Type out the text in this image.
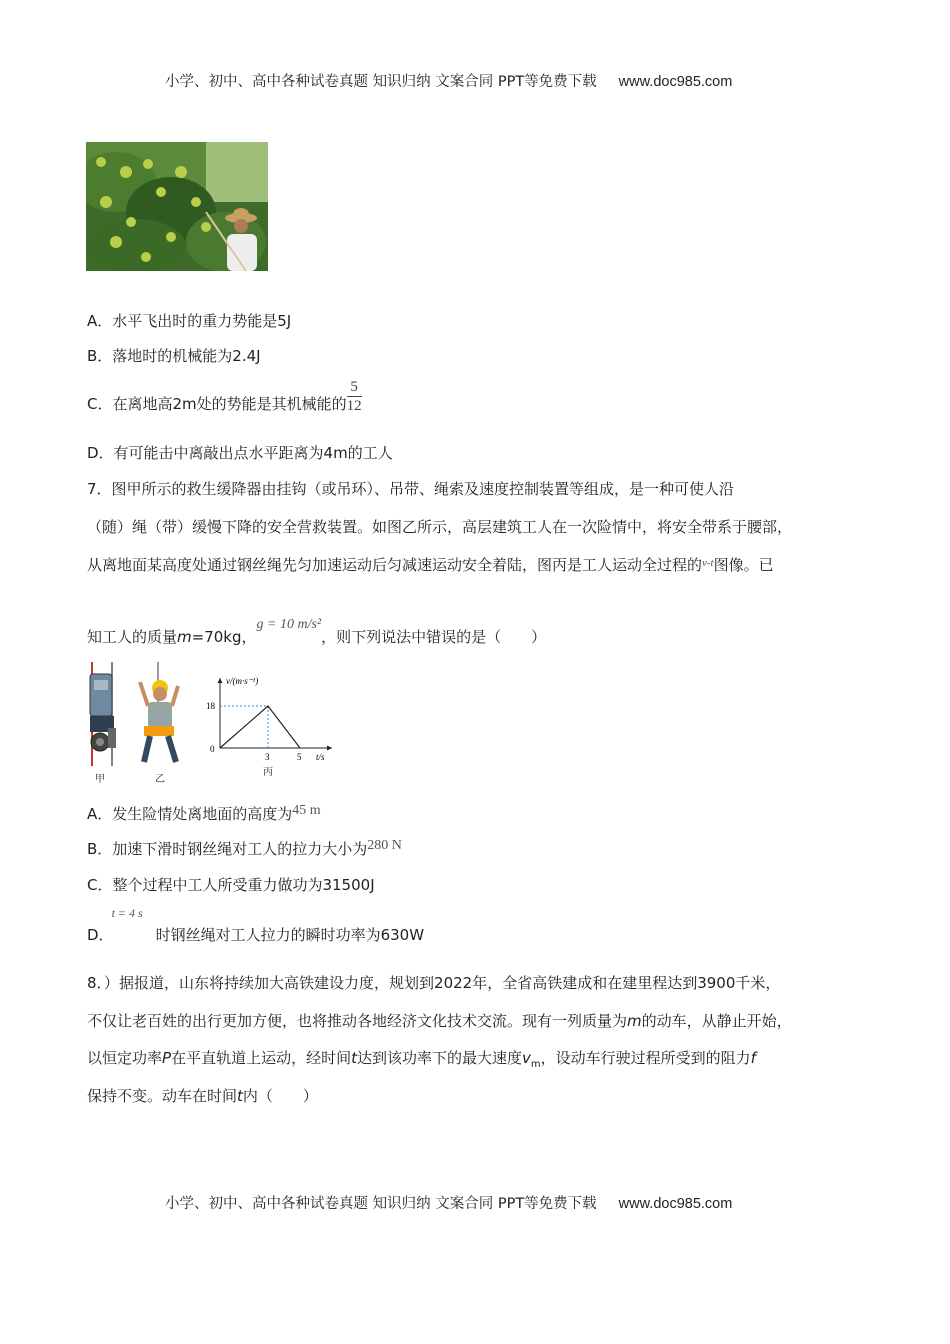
小学、初中、高中各种试卷真题 知识归纳 文案合同 PPT等免费下载 www.doc985.com
A．水平飞出时的重力势能是5J
B．落地时的机械能为2.4J
C．在离地高2m处的势能是其机械能的 $\frac{5}{12}$
D．有可能击中离敲出点水平距离为4m的工人
7．图甲所示的救生缓降器由挂钩（或吊环）、吊带、绳索及速度控制装置等组成，是一种可使人沿
（随）绳（带）缓慢下降的安全营救装置。如图乙所示，高层建筑工人在一次险情中，将安全带系于腰部，
从离地面某高度处通过钢丝绳先匀加速运动后匀减速运动安全着陆，图丙是工人运动全过程的$^{v-t}$图像。已
知工人的质量m=70kg，g = 10 m/s²，则下列说法中错误的是（　　）
v/(m·s⁻¹)
t/s
0
18
3	5
甲	乙
丙
A．发生险情处离地面的高度为45 m
B．加速下滑时钢丝绳对工人的拉力大小为280 N
C．整个过程中工人所受重力做功为31500J
D．t = 4 s时钢丝绳对工人拉力的瞬时功率为630W
8．）据报道，山东将持续加大高铁建设力度，规划到2022年，全省高铁建成和在建里程达到3900千米，
不仅让老百姓的出行更加方便，也将推动各地经济文化技术交流。现有一列质量为m的动车，从静止开始，
以恒定功率P在平直轨道上运动，经时间t达到该功率下的最大速度$v_m$，设动车行驶过程所受到的阻力f
保持不变。动车在时间t内（　　）
小学、初中、高中各种试卷真题 知识归纳 文案合同 PPT等免费下载 www.doc985.com
